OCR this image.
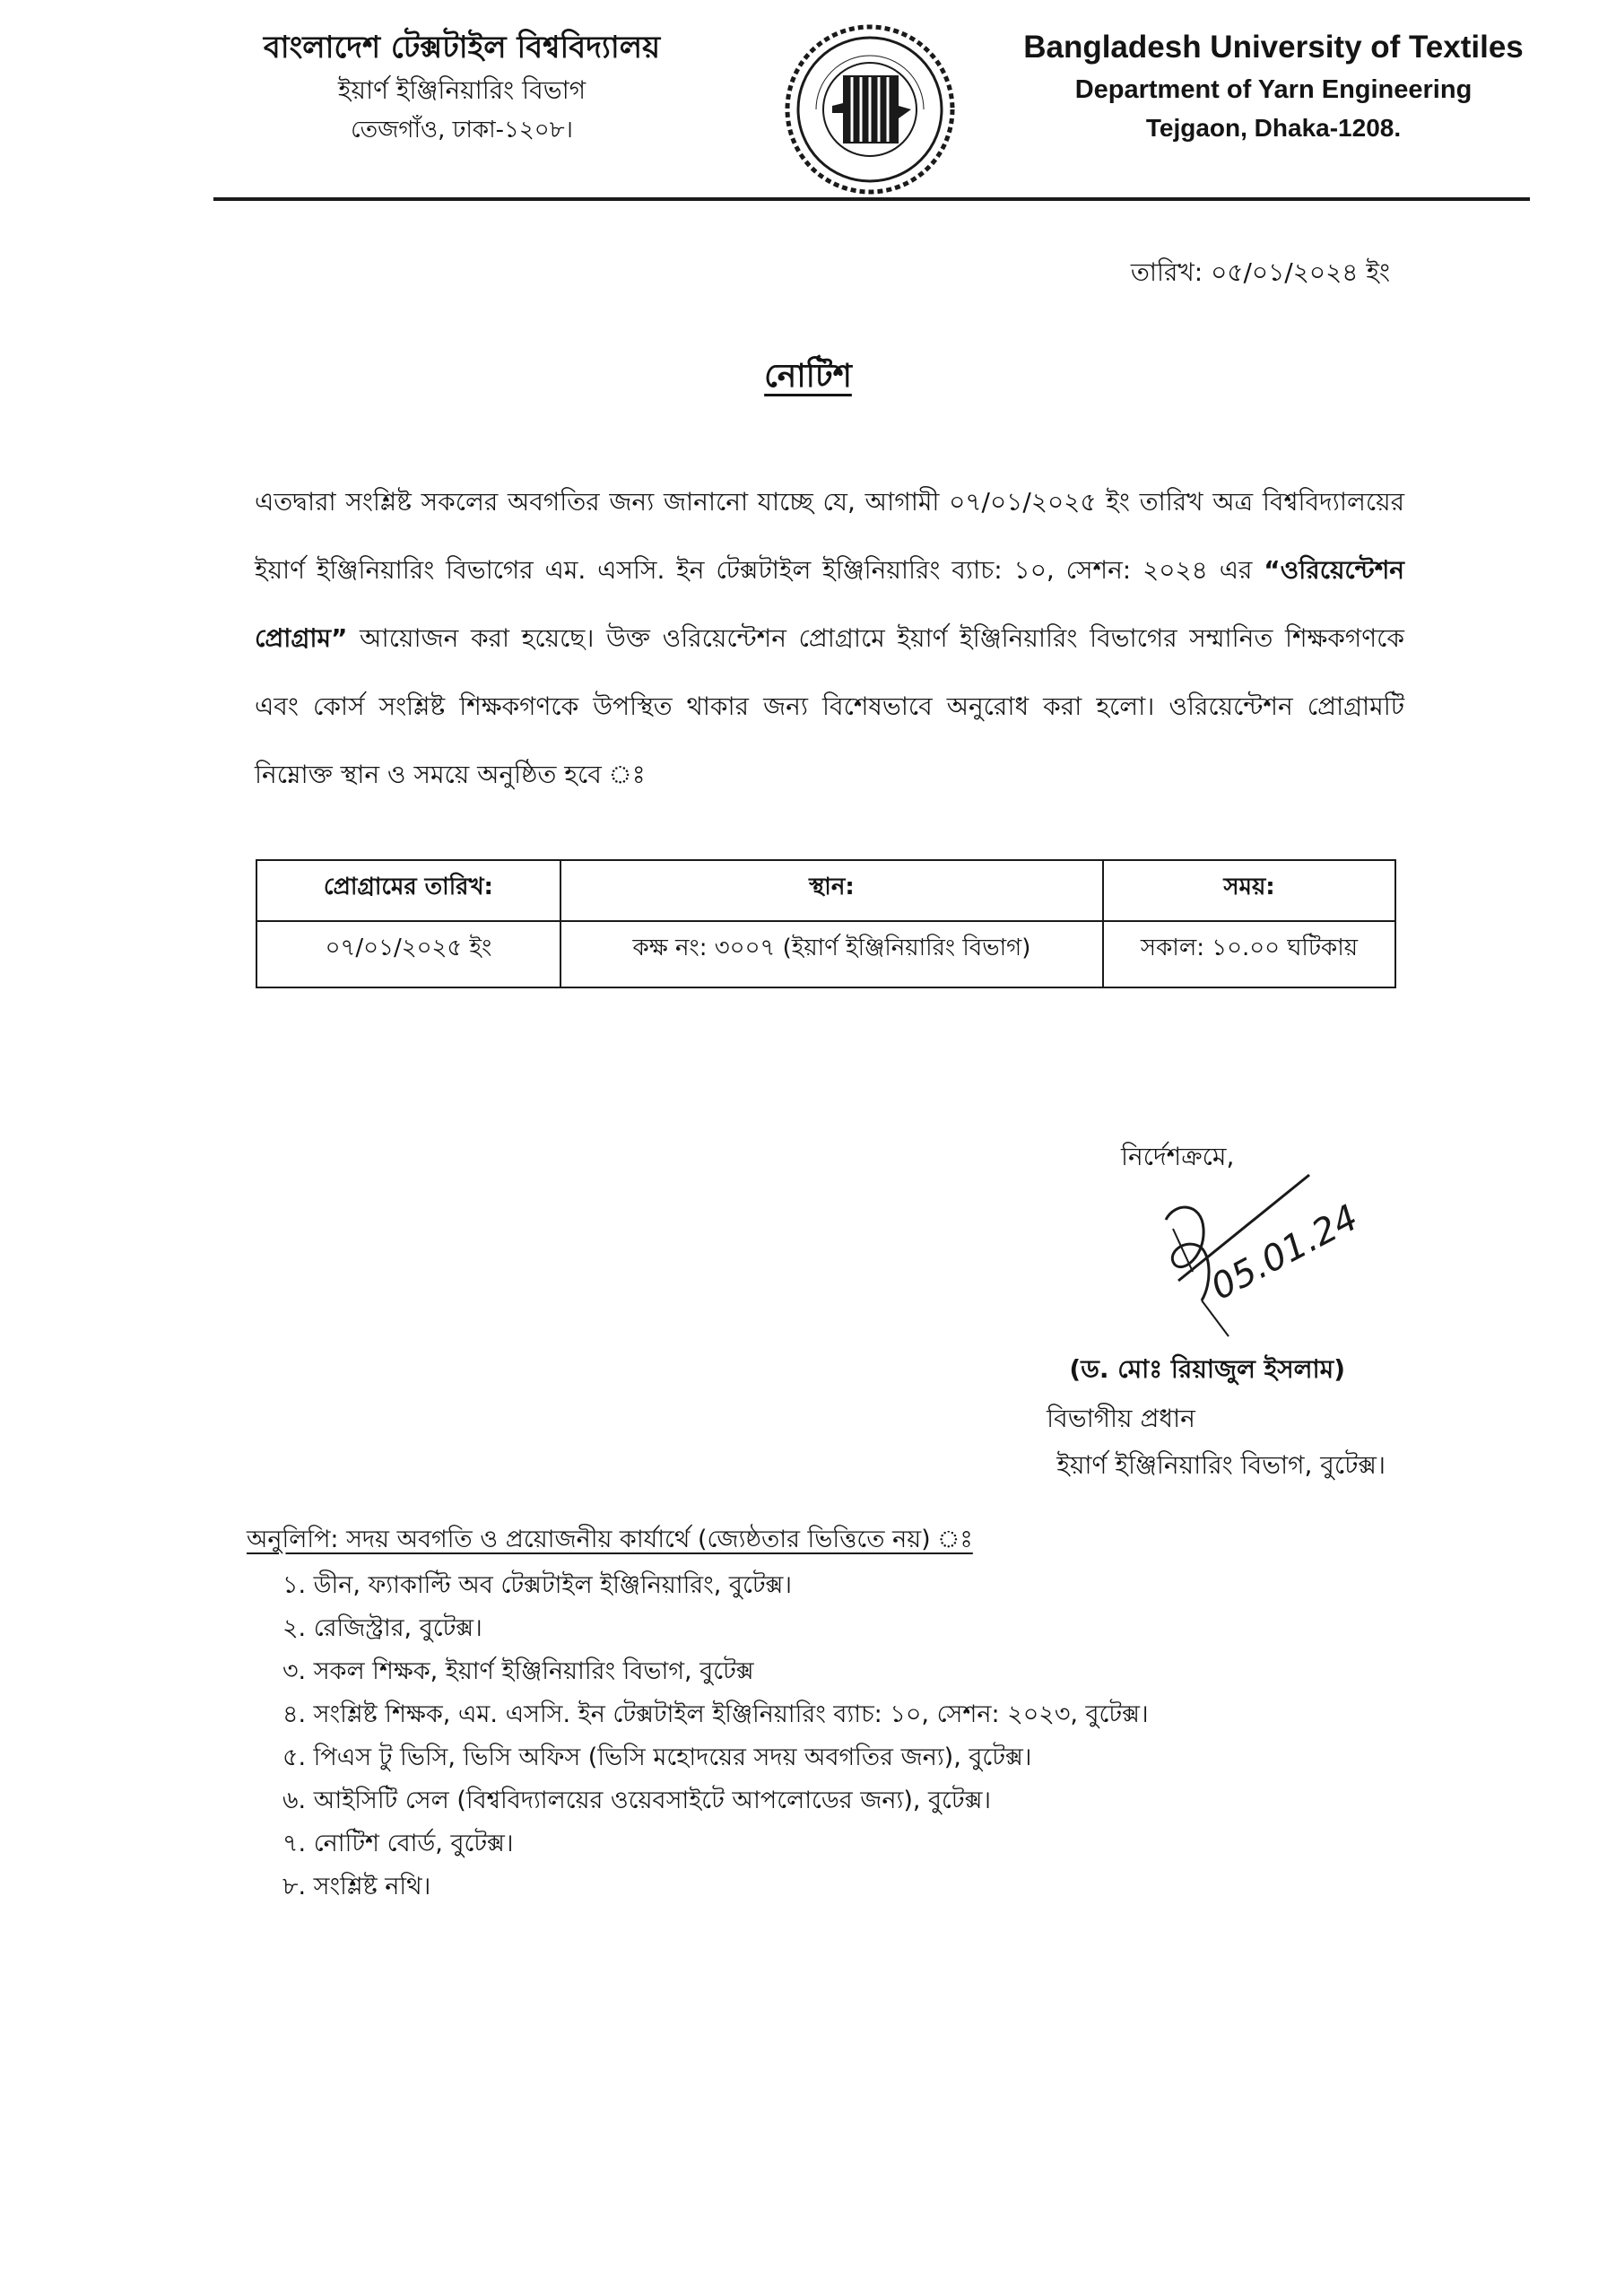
বাংলাদেশ টেক্সটাইল বিশ্ববিদ্যালয়
ইয়ার্ণ ইঞ্জিনিয়ারিং বিভাগ
তেজগাঁও, ঢাকা-১২০৮।
Bangladesh University of Textiles
Department of Yarn Engineering
Tejgaon, Dhaka-1208.
তারিখ: ০৫/০১/২০২৪ ইং
নোটিশ
এতদ্বারা সংশ্লিষ্ট সকলের অবগতির জন্য জানানো যাচ্ছে যে, আগামী ০৭/০১/২০২৫ ইং তারিখ অত্র বিশ্ববিদ্যালয়ের ইয়ার্ণ ইঞ্জিনিয়ারিং বিভাগের এম. এসসি. ইন টেক্সটাইল ইঞ্জিনিয়ারিং ব্যাচ: ১০, সেশন: ২০২৪ এর “ওরিয়েন্টেশন প্রোগ্রাম” আয়োজন করা হয়েছে। উক্ত ওরিয়েন্টেশন প্রোগ্রামে ইয়ার্ণ ইঞ্জিনিয়ারিং বিভাগের সম্মানিত শিক্ষকগণকে এবং কোর্স সংশ্লিষ্ট শিক্ষকগণকে উপস্থিত থাকার জন্য বিশেষভাবে অনুরোধ করা হলো। ওরিয়েন্টেশন প্রোগ্রামটি নিম্নোক্ত স্থান ও সময়ে অনুষ্ঠিত হবে ঃ
প্রোগ্রামের তারিখ:	স্থান:	সময়:
০৭/০১/২০২৫ ইং	কক্ষ নং: ৩০০৭ (ইয়ার্ণ ইঞ্জিনিয়ারিং বিভাগ)	সকাল: ১০.০০ ঘটিকায়
নির্দেশক্রমে,
05.01.24
(ড. মোঃ রিয়াজুল ইসলাম)
বিভাগীয় প্রধান
ইয়ার্ণ ইঞ্জিনিয়ারিং বিভাগ, বুটেক্স।
অনুলিপি: সদয় অবগতি ও প্রয়োজনীয় কার্যার্থে (জ্যেষ্ঠতার ভিত্তিতে নয়) ঃ
১. ডীন, ফ্যাকাল্টি অব টেক্সটাইল ইঞ্জিনিয়ারিং, বুটেক্স।
২. রেজিস্ট্রার, বুটেক্স।
৩. সকল শিক্ষক, ইয়ার্ণ ইঞ্জিনিয়ারিং বিভাগ, বুটেক্স
৪. সংশ্লিষ্ট শিক্ষক, এম. এসসি. ইন টেক্সটাইল ইঞ্জিনিয়ারিং ব্যাচ: ১০, সেশন: ২০২৩, বুটেক্স।
৫. পিএস টু ভিসি, ভিসি অফিস (ভিসি মহোদয়ের সদয় অবগতির জন্য), বুটেক্স।
৬. আইসিটি সেল (বিশ্ববিদ্যালয়ের ওয়েবসাইটে আপলোডের জন্য), বুটেক্স।
৭. নোটিশ বোর্ড, বুটেক্স।
৮. সংশ্লিষ্ট নথি।
